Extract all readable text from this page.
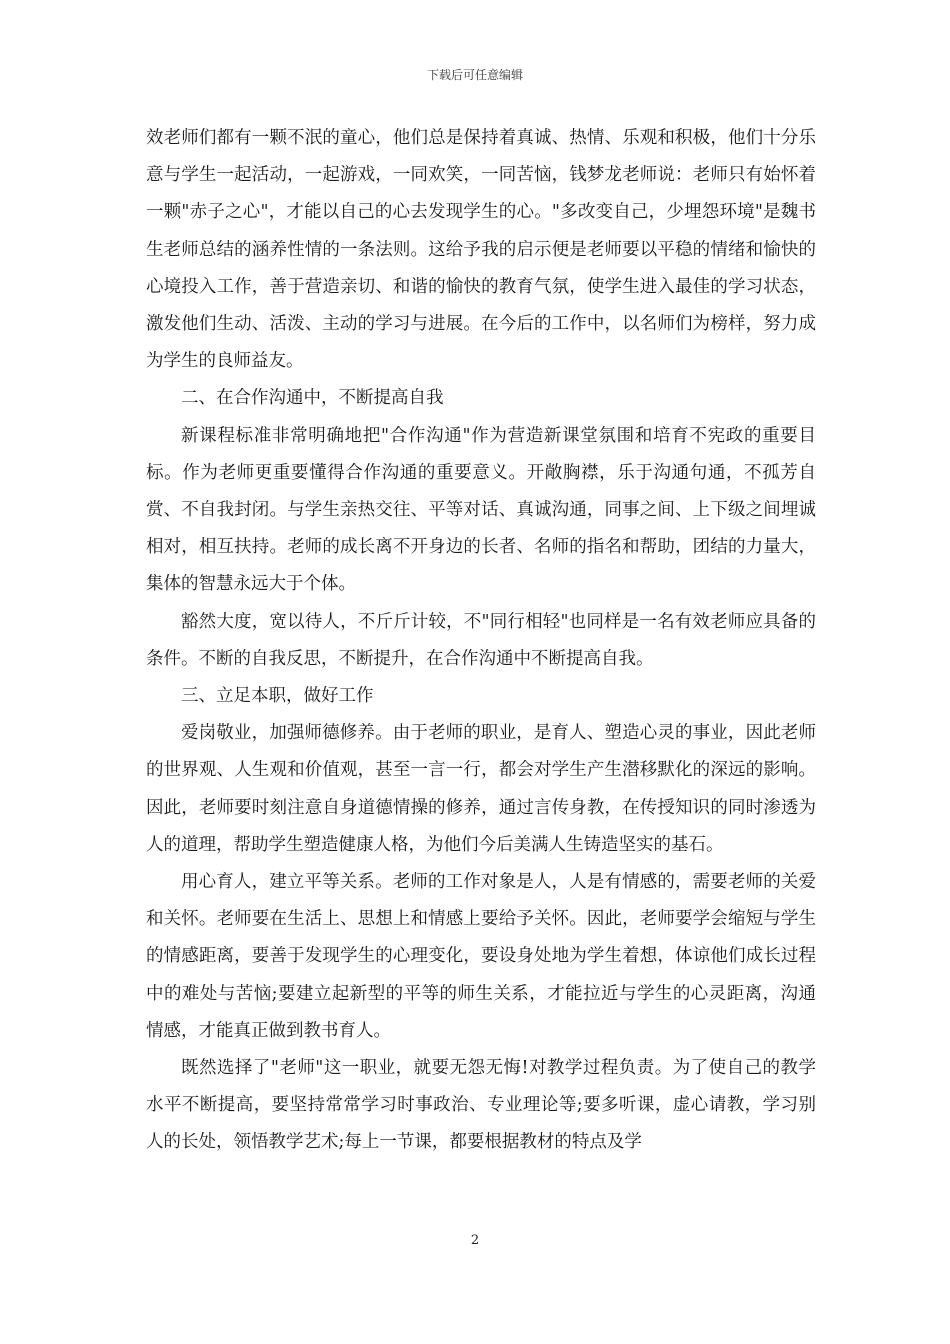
下载后可任意编辑

效老师们都有一颗不泯的童心，他们总是保持着真诚、热情、乐观和积极，他们十分乐意与学生一起活动，一起游戏，一同欢笑，一同苦恼，钱梦龙老师说：老师只有始怀着一颗"赤子之心"，才能以自己的心去发现学生的心。"多改变自己，少埋怨环境"是魏书生老师总结的涵养性情的一条法则。这给予我的启示便是老师要以平稳的情绪和愉快的心境投入工作，善于营造亲切、和谐的愉快的教育气氛，使学生进入最佳的学习状态，激发他们生动、活泼、主动的学习与进展。在今后的工作中，以名师们为榜样，努力成为学生的良师益友。

二、在合作沟通中，不断提高自我

新课程标准非常明确地把"合作沟通"作为营造新课堂氛围和培育不宪政的重要目标。作为老师更重要懂得合作沟通的重要意义。开敞胸襟，乐于沟通句通，不孤芳自赏、不自我封闭。与学生亲热交往、平等对话、真诚沟通，同事之间、上下级之间埋诚相对，相互扶持。老师的成长离不开身边的长者、名师的指名和帮助，团结的力量大，集体的智慧永远大于个体。

豁然大度，宽以待人，不斤斤计较，不"同行相轻"也同样是一名有效老师应具备的条件。不断的自我反思，不断提升，在合作沟通中不断提高自我。

三、立足本职，做好工作

爱岗敬业，加强师德修养。由于老师的职业，是育人、塑造心灵的事业，因此老师的世界观、人生观和价值观，甚至一言一行，都会对学生产生潜移默化的深远的影响。因此，老师要时刻注意自身道德情操的修养，通过言传身教，在传授知识的同时渗透为人的道理，帮助学生塑造健康人格，为他们今后美满人生铸造坚实的基石。

用心育人，建立平等关系。老师的工作对象是人，人是有情感的，需要老师的关爱和关怀。老师要在生活上、思想上和情感上要给予关怀。因此，老师要学会缩短与学生的情感距离，要善于发现学生的心理变化，要设身处地为学生着想，体谅他们成长过程中的难处与苦恼;要建立起新型的平等的师生关系，才能拉近与学生的心灵距离，沟通情感，才能真正做到教书育人。

既然选择了"老师"这一职业，就要无怨无悔!对教学过程负责。为了使自己的教学水平不断提高，要坚持常常学习时事政治、专业理论等;要多听课，虚心请教，学习别人的长处，领悟教学艺术;每上一节课，都要根据教材的特点及学

2
